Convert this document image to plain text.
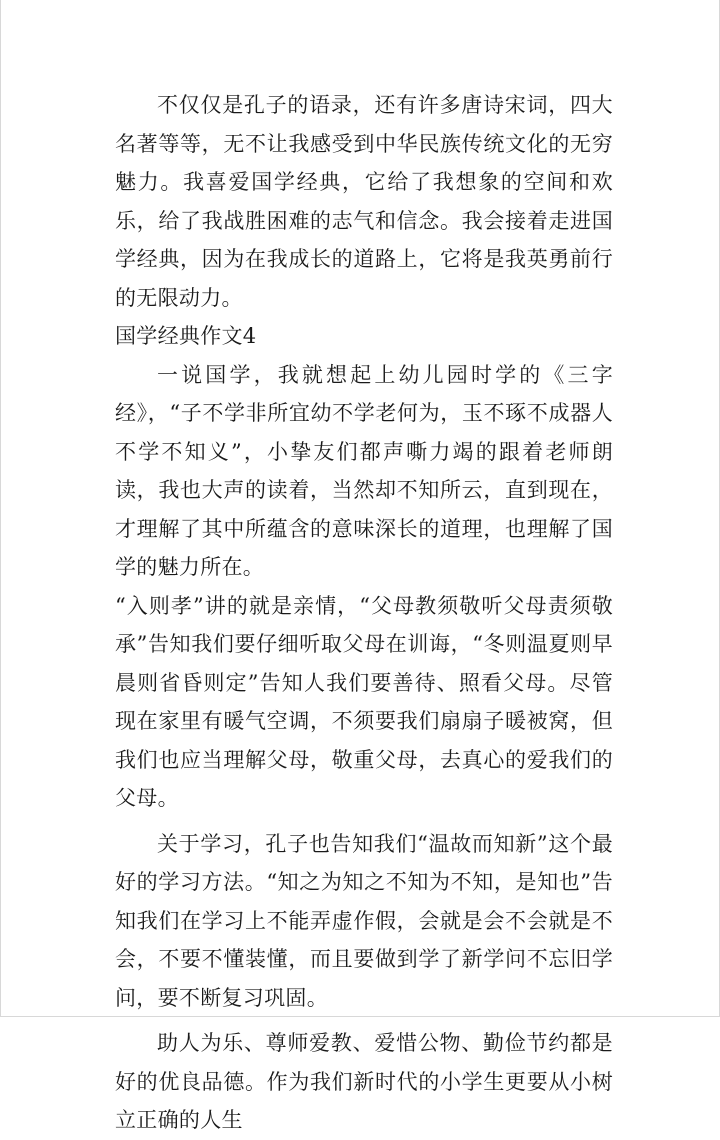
不仅仅是孔子的语录，还有许多唐诗宋词，四大名著等等，无不让我感受到中华民族传统文化的无穷魅力。我喜爱国学经典，它给了我想象的空间和欢乐，给了我战胜困难的志气和信念。我会接着走进国学经典，因为在我成长的道路上，它将是我英勇前行的无限动力。

国学经典作文4

一说国学，我就想起上幼儿园时学的《三字经》，“子不学非所宜幼不学老何为，玉不琢不成器人不学不知义”，小挚友们都声嘶力竭的跟着老师朗读，我也大声的读着，当然却不知所云，直到现在，才理解了其中所蕴含的意味深长的道理，也理解了国学的魅力所在。

“入则孝”讲的就是亲情，“父母教须敬听父母责须敬承”告知我们要仔细听取父母在训诲，“冬则温夏则早晨则省昏则定”告知人我们要善待、照看父母。尽管现在家里有暖气空调，不须要我们扇扇子暖被窝，但我们也应当理解父母，敬重父母，去真心的爱我们的父母。

关于学习，孔子也告知我们“温故而知新”这个最好的学习方法。“知之为知之不知为不知，是知也”告知我们在学习上不能弄虚作假，会就是会不会就是不会，不要不懂装懂，而且要做到学了新学问不忘旧学问，要不断复习巩固。

助人为乐、尊师爱教、爱惜公物、勤俭节约都是好的优良品德。作为我们新时代的小学生更要从小树立正确的人生
